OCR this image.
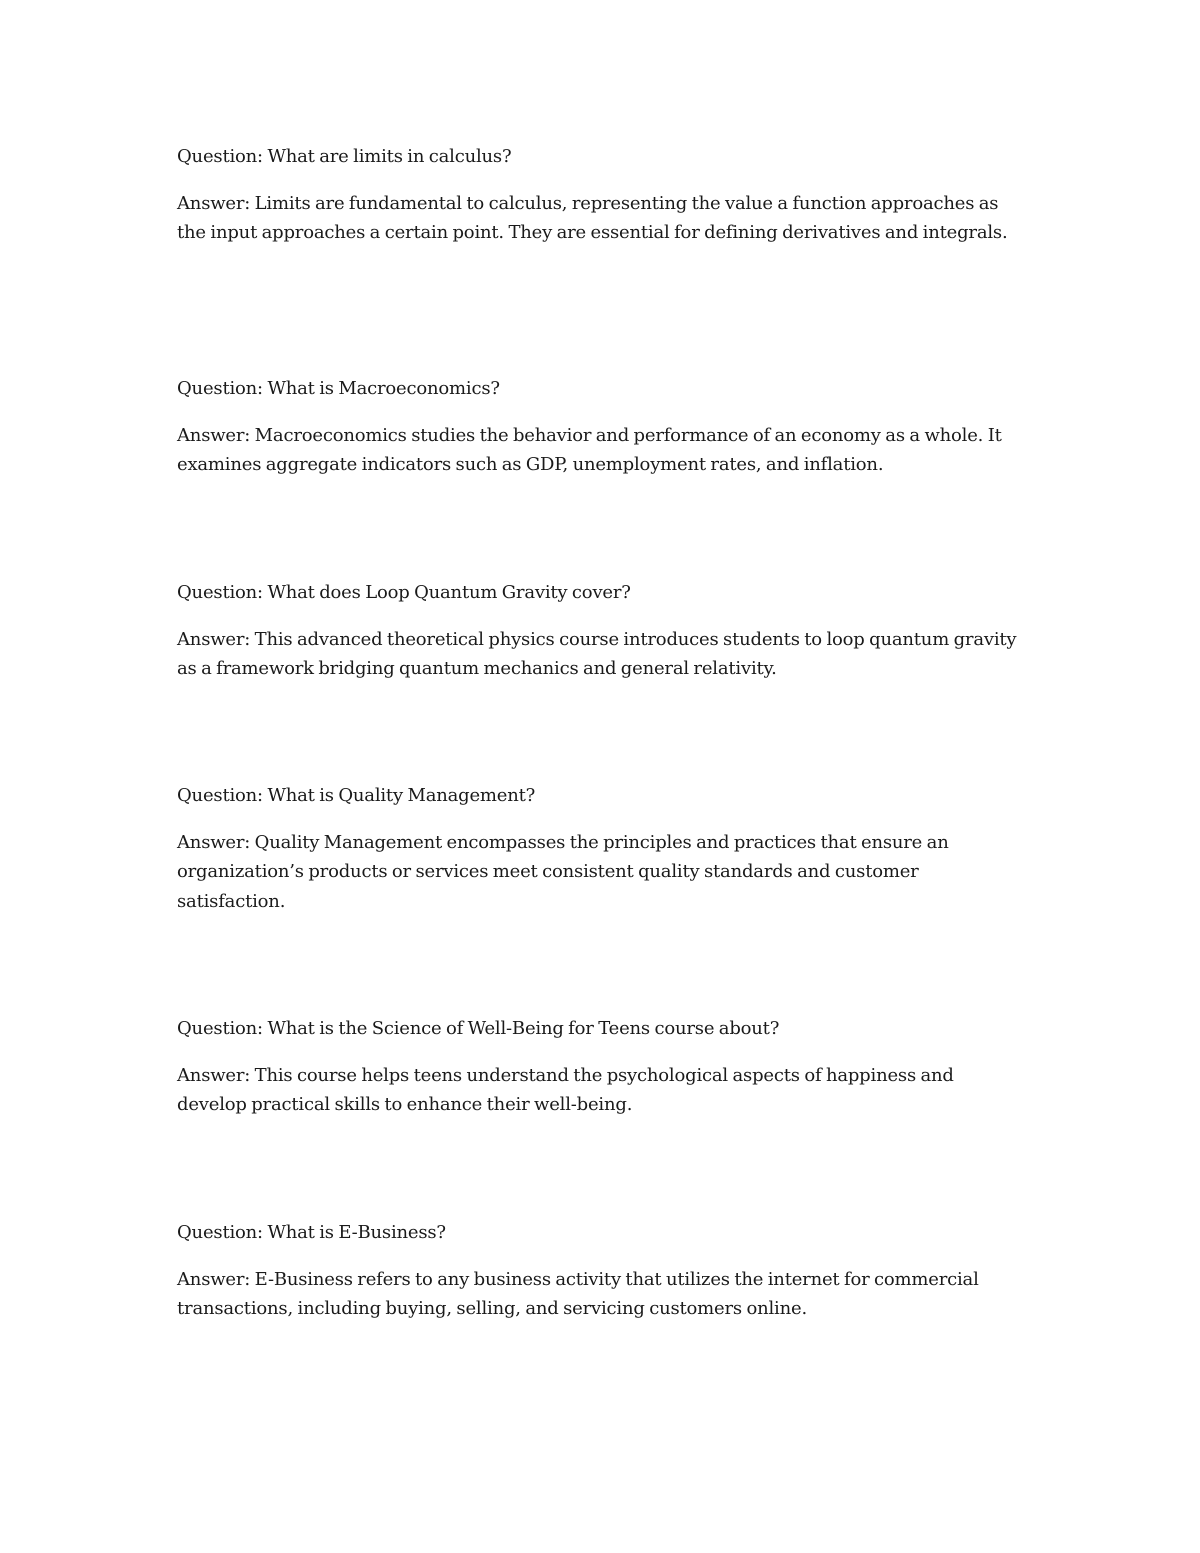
Question: What are limits in calculus?

Answer: Limits are fundamental to calculus, representing the value a function approaches as the input approaches a certain point. They are essential for defining derivatives and integrals.

Question: What is Macroeconomics?

Answer: Macroeconomics studies the behavior and performance of an economy as a whole. It examines aggregate indicators such as GDP, unemployment rates, and inflation.

Question: What does Loop Quantum Gravity cover?

Answer: This advanced theoretical physics course introduces students to loop quantum gravity as a framework bridging quantum mechanics and general relativity.

Question: What is Quality Management?

Answer: Quality Management encompasses the principles and practices that ensure an organization’s products or services meet consistent quality standards and customer satisfaction.

Question: What is the Science of Well-Being for Teens course about?

Answer: This course helps teens understand the psychological aspects of happiness and develop practical skills to enhance their well-being.

Question: What is E-Business?

Answer: E-Business refers to any business activity that utilizes the internet for commercial transactions, including buying, selling, and servicing customers online.
